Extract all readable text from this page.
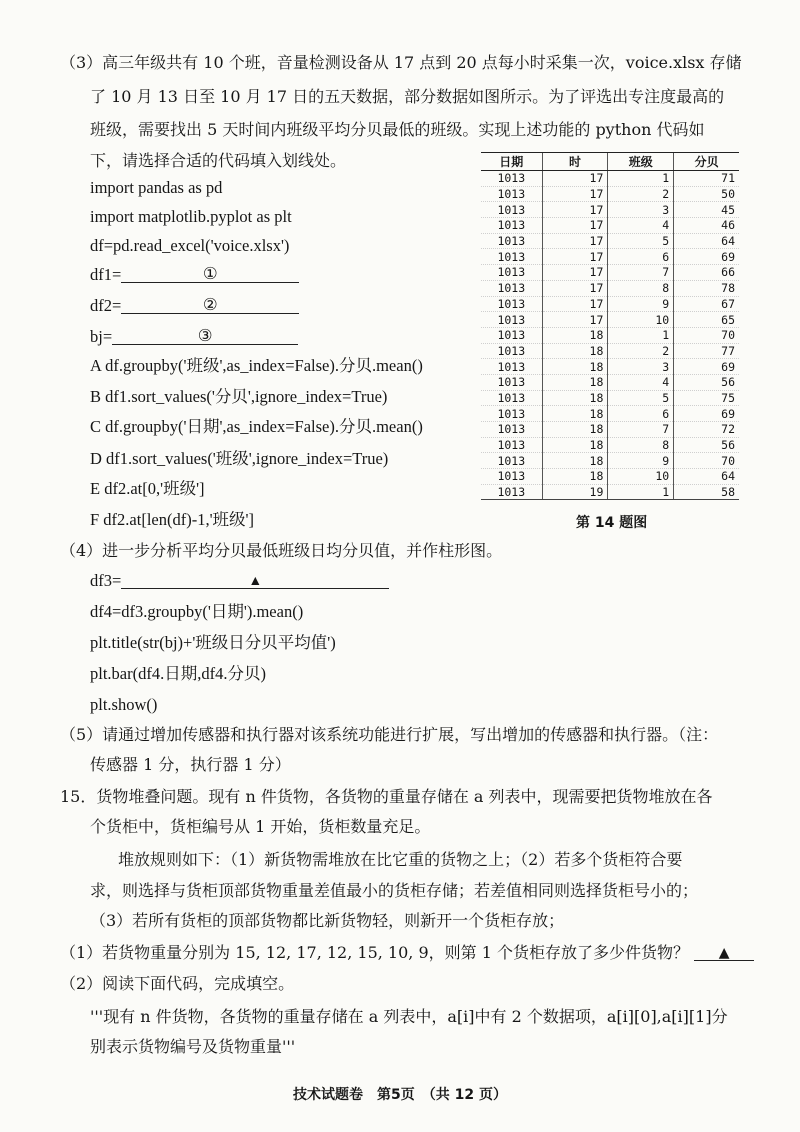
（3）高三年级共有 10 个班，音量检测设备从 17 点到 20 点每小时采集一次，voice.xlsx 存储
了 10 月 13 日至 10 月 17 日的五天数据，部分数据如图所示。为了评选出专注度最高的
班级，需要找出 5 天时间内班级平均分贝最低的班级。实现上述功能的 python 代码如
下，请选择合适的代码填入划线处。
import pandas as pd
import matplotlib.pyplot as plt
df=pd.read_excel('voice.xlsx')
df1=	①
df2=	②
bj=	③
A df.groupby('班级',as_index=False).分贝.mean()
B df1.sort_values('分贝',ignore_index=True)
C df.groupby('日期',as_index=False).分贝.mean()
D df1.sort_values('班级',ignore_index=True)
E df2.at[0,'班级']
F df2.at[len(df)-1,'班级']
日期	时	班级	分贝
1013	17	1	71
1013	17	2	50
1013	17	3	45
1013	17	4	46
1013	17	5	64
1013	17	6	69
1013	17	7	66
1013	17	8	78
1013	17	9	67
1013	17	10	65
1013	18	1	70
1013	18	2	77
1013	18	3	69
1013	18	4	56
1013	18	5	75
1013	18	6	69
1013	18	7	72
1013	18	8	56
1013	18	9	70
1013	18	10	64
1013	19	1	58
第 14 题图
（4）进一步分析平均分贝最低班级日均分贝值，并作柱形图。
df3=	▲
df4=df3.groupby('日期').mean()
plt.title(str(bj)+'班级日分贝平均值')
plt.bar(df4.日期,df4.分贝)
plt.show()
（5）请通过增加传感器和执行器对该系统功能进行扩展，写出增加的传感器和执行器。（注：
传感器 1 分，执行器 1 分）
15．货物堆叠问题。现有 n 件货物，各货物的重量存储在 a 列表中，现需要把货物堆放在各
个货柜中，货柜编号从 1 开始，货柜数量充足。
堆放规则如下：（1）新货物需堆放在比它重的货物之上；（2）若多个货柜符合要
求，则选择与货柜顶部货物重量差值最小的货柜存储；若差值相同则选择货柜号小的；
（3）若所有货柜的顶部货物都比新货物轻，则新开一个货柜存放；
（1）若货物重量分别为 15, 12, 17, 12, 15, 10, 9，则第 1 个货柜存放了多少件货物？ ▲
（2）阅读下面代码，完成填空。
'''现有 n 件货物，各货物的重量存储在 a 列表中，a[i]中有 2 个数据项，a[i][0],a[i][1]分
别表示货物编号及货物重量'''
技术试题卷　第5页　（共 12 页）
